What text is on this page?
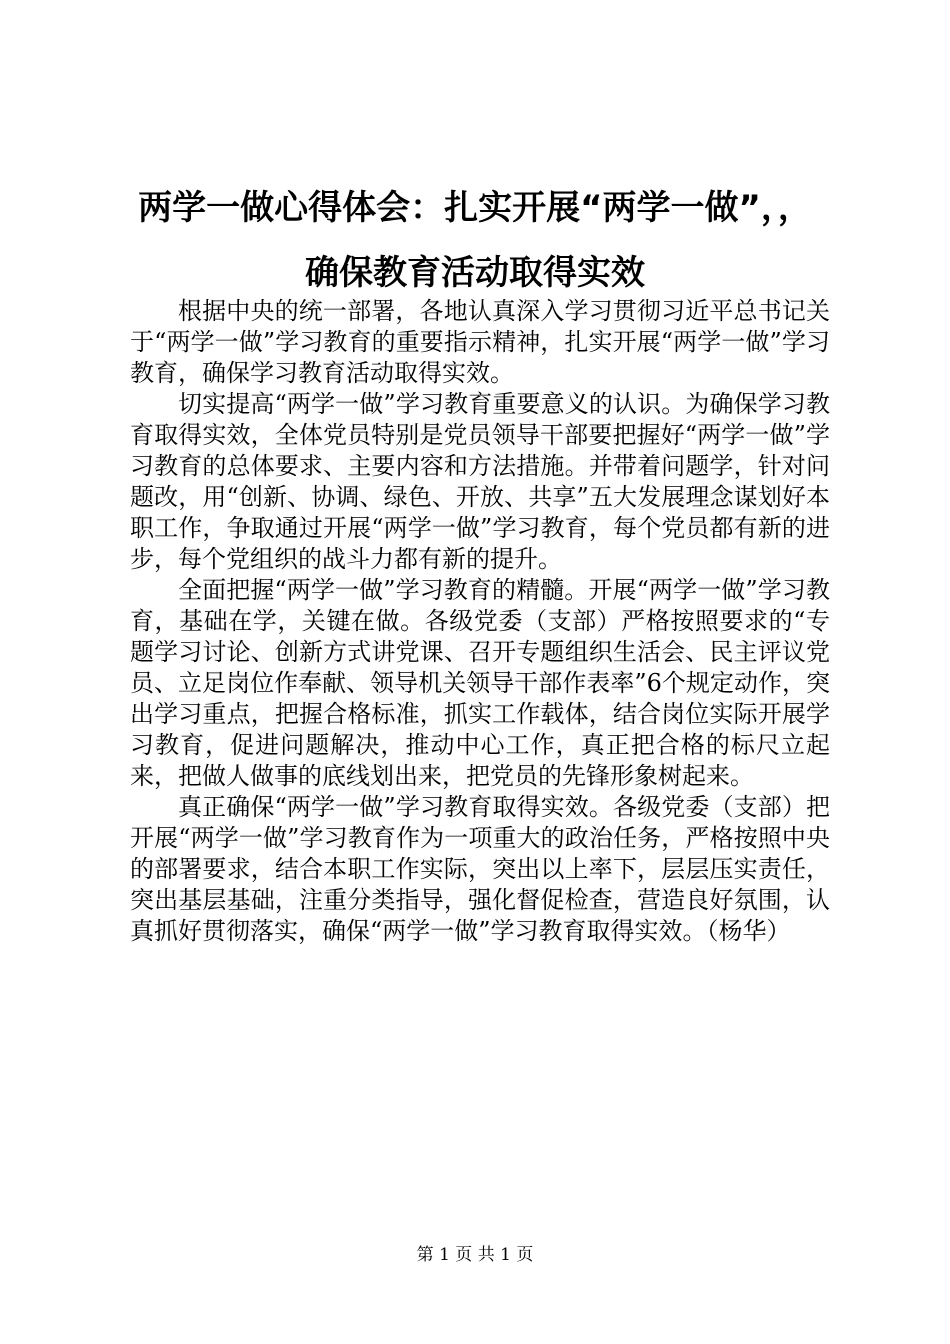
两学一做心得体会：扎实开展“两学一做”，，
确保教育活动取得实效

根据中央的统一部署，各地认真深入学习贯彻习近平总书记关于“两学一做”学习教育的重要指示精神，扎实开展“两学一做”学习教育，确保学习教育活动取得实效。

切实提高“两学一做”学习教育重要意义的认识。为确保学习教育取得实效，全体党员特别是党员领导干部要把握好“两学一做”学习教育的总体要求、主要内容和方法措施。并带着问题学，针对问题改，用“创新、协调、绿色、开放、共享”五大发展理念谋划好本职工作，争取通过开展“两学一做”学习教育，每个党员都有新的进步，每个党组织的战斗力都有新的提升。

全面把握“两学一做”学习教育的精髓。开展“两学一做”学习教育，基础在学，关键在做。各级党委（支部）严格按照要求的“专题学习讨论、创新方式讲党课、召开专题组织生活会、民主评议党员、立足岗位作奉献、领导机关领导干部作表率”6个规定动作，突出学习重点，把握合格标准，抓实工作载体，结合岗位实际开展学习教育，促进问题解决，推动中心工作，真正把合格的标尺立起来，把做人做事的底线划出来，把党员的先锋形象树起来。

真正确保“两学一做”学习教育取得实效。各级党委（支部）把开展“两学一做”学习教育作为一项重大的政治任务，严格按照中央的部署要求，结合本职工作实际，突出以上率下，层层压实责任，突出基层基础，注重分类指导，强化督促检查，营造良好氛围，认真抓好贯彻落实，确保“两学一做”学习教育取得实效。（杨华）

第 1 页 共 1 页
